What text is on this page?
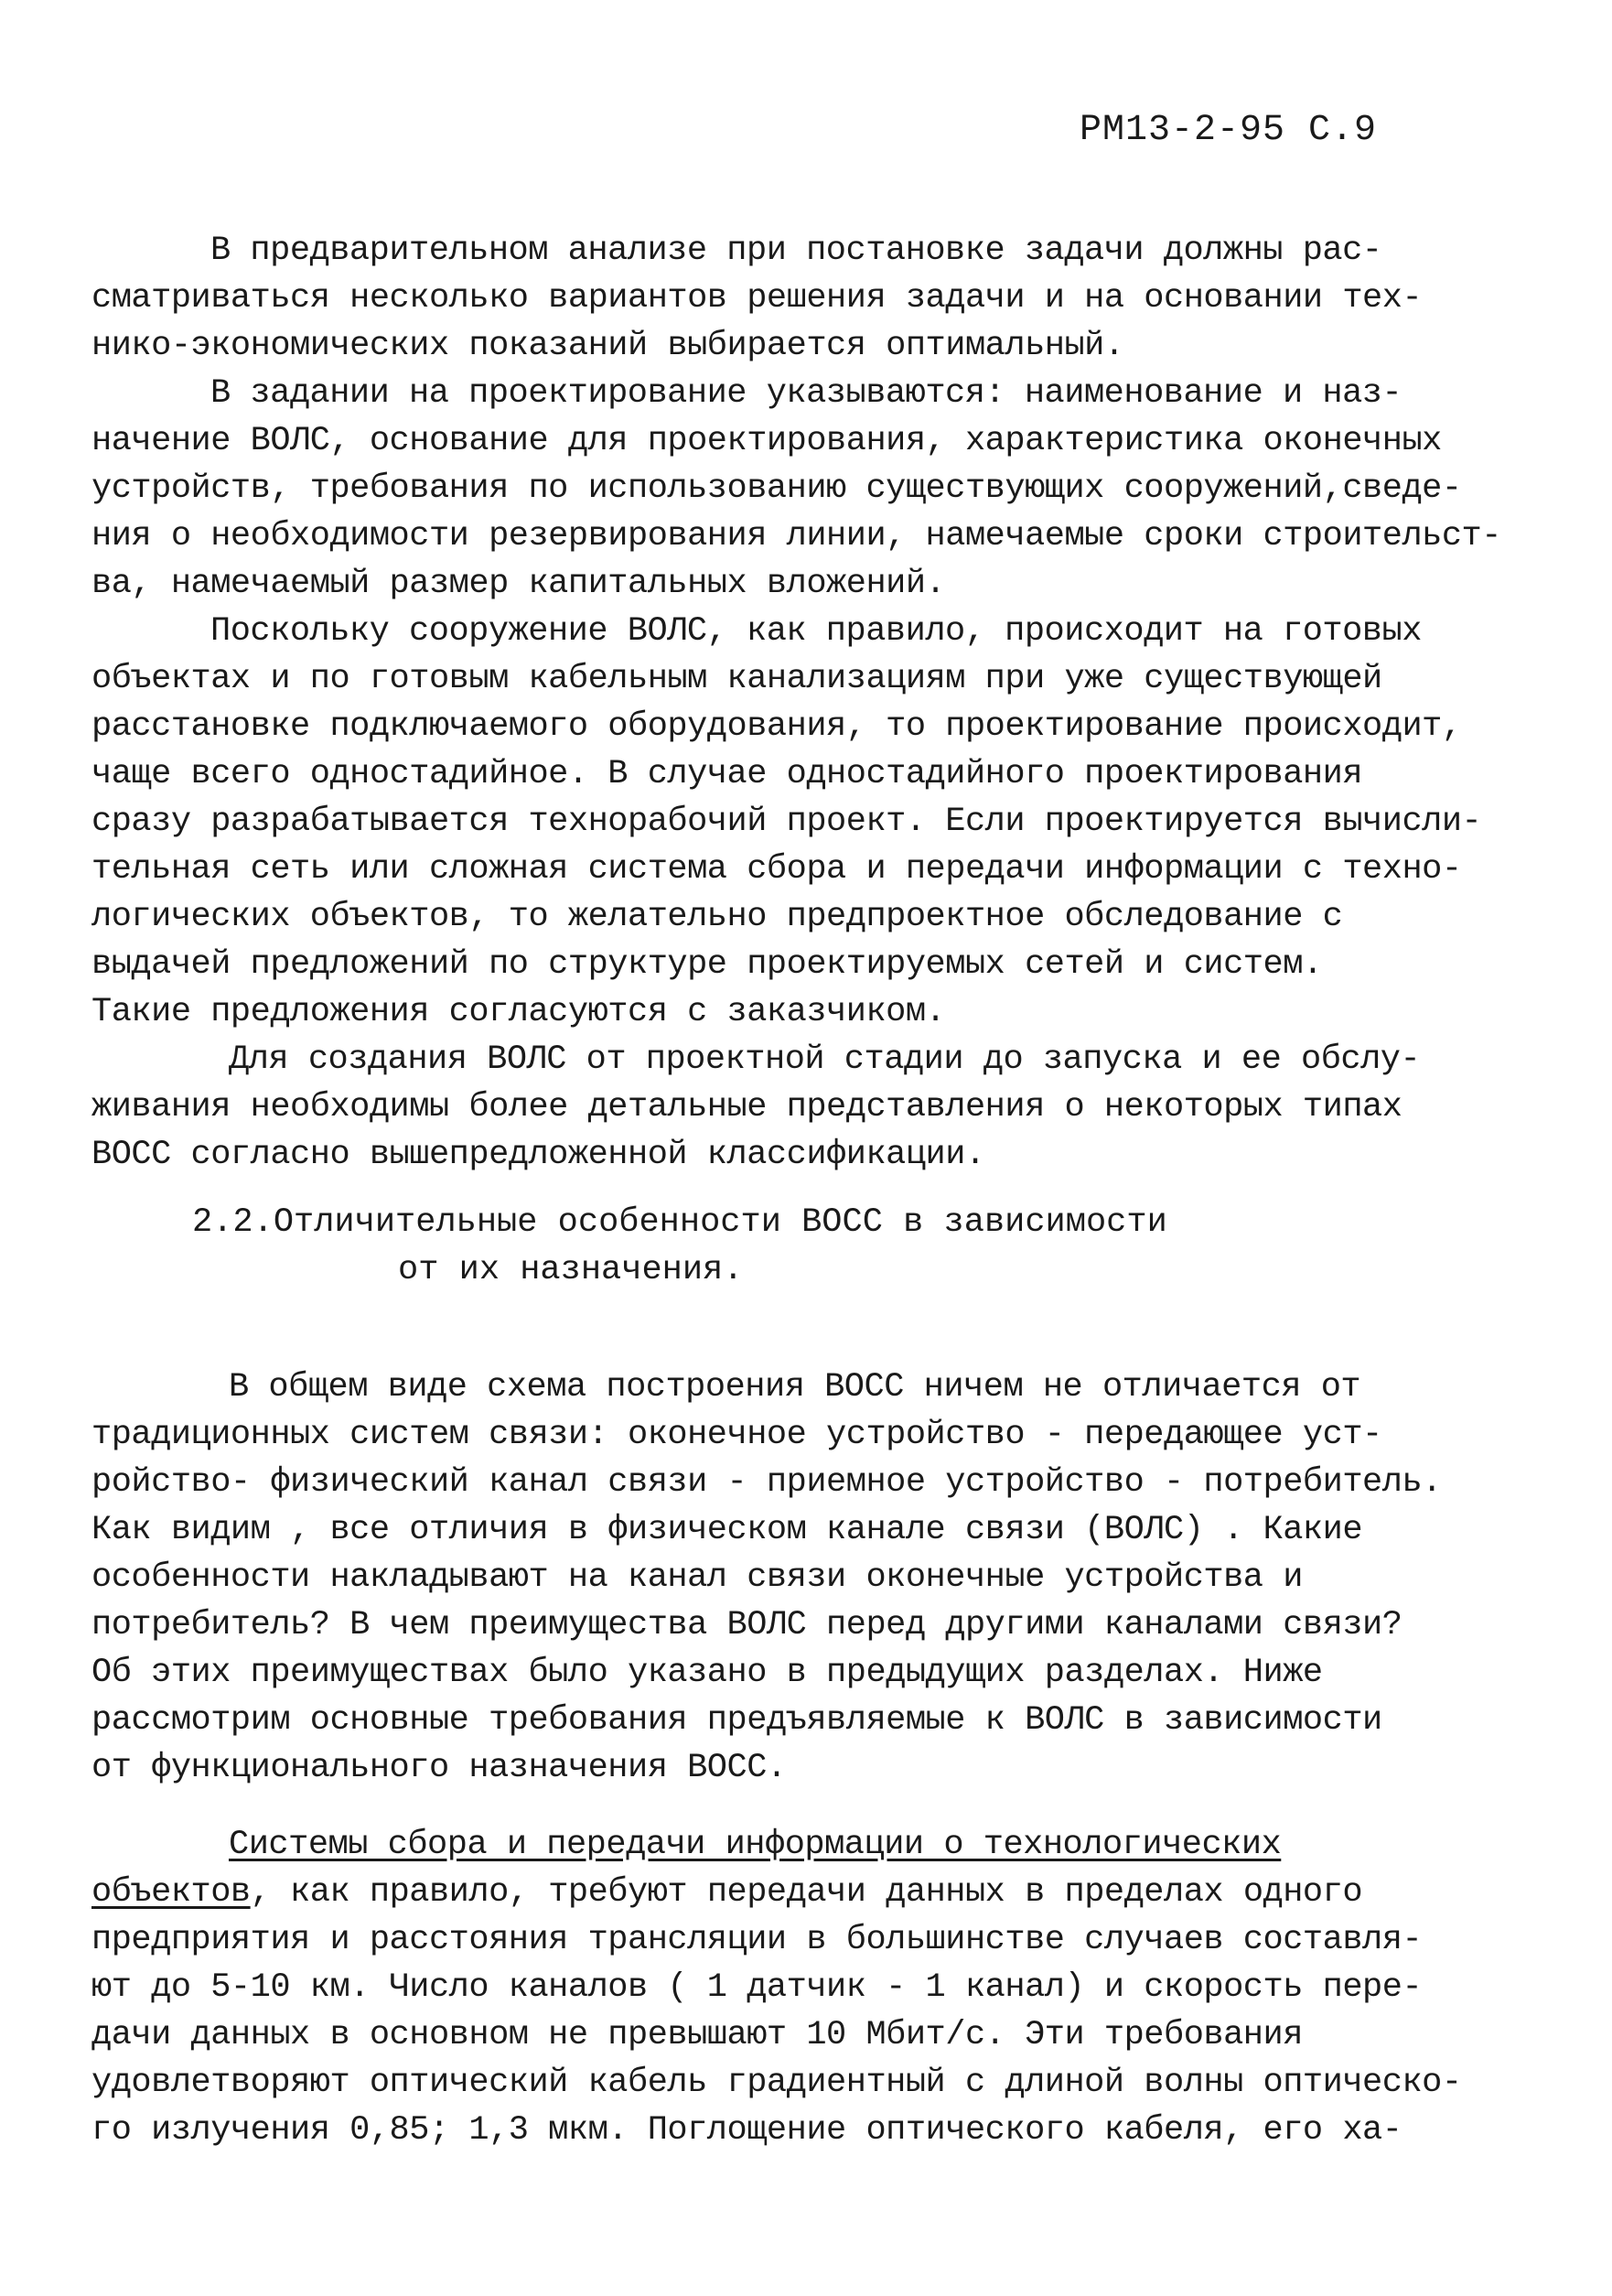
РМ13-2-95 С.9
В предварительном анализе при постановке задачи должны рас-
сматриваться несколько вариантов решения задачи и на основании тех-
нико-экономических показаний выбирается оптимальный.
В задании на проектирование указываются: наименование и наз-
начение ВОЛС, основание для проектирования, характеристика оконечных
устройств, требования по использованию существующих сооружений,сведе-
ния о необходимости резервирования линии, намечаемые сроки строительст-
ва, намечаемый размер капитальных вложений.
Поскольку сооружение ВОЛС, как правило, происходит на готовых
объектах и по готовым кабельным канализациям при уже существующей
расстановке подключаемого оборудования, то проектирование происходит,
чаще всего одностадийное. В случае одностадийного проектирования
сразу разрабатывается технорабочий проект. Если проектируется вычисли-
тельная сеть или сложная система сбора и передачи информации с техно-
логических объектов, то желательно предпроектное обследование с
выдачей предложений по структуре проектируемых сетей и систем.
Такие предложения согласуются с заказчиком.
Для создания ВОЛС от проектной стадии до запуска и ее обслу-
живания необходимы более детальные представления о некоторых типах
ВОСС согласно вышепредложенной классификации.
2.2.Отличительные особенности ВОСС в зависимости
от их назначения.
В общем виде схема построения ВОСС ничем не отличается от
традиционных систем связи: оконечное устройство - передающее уст-
ройство- физический канал связи - приемное устройство - потребитель.
Как видим , все отличия в физическом канале связи (ВОЛС) . Какие
особенности накладывают на канал связи оконечные устройства и
потребитель? В чем преимущества ВОЛС перед другими каналами связи?
Об этих преимуществах было указано в предыдущих разделах. Ниже
рассмотрим основные требования предъявляемые к ВОЛС в зависимости
от функционального назначения ВОСС.
Системы сбора и передачи информации о технологических
объектов, как правило, требуют передачи данных в пределах одного
предприятия и расстояния трансляции в большинстве случаев составля-
ют до 5-10 км. Число каналов ( 1 датчик - 1 канал) и скорость пере-
дачи данных в основном не превышают 10 Мбит/с. Эти требования
удовлетворяют оптический кабель градиентный с длиной волны оптическо-
го излучения 0,85; 1,3 мкм. Поглощение оптического кабеля, его ха-
